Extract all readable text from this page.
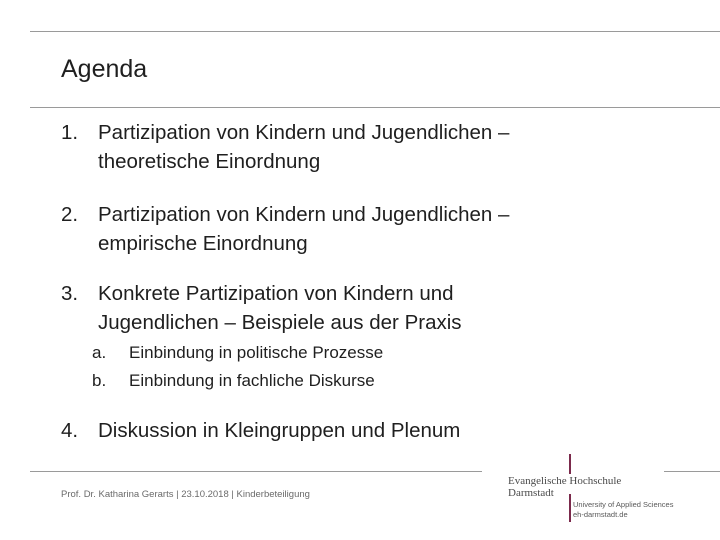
Agenda
1. Partizipation von Kindern und Jugendlichen –
theoretische Einordnung
2. Partizipation von Kindern und Jugendlichen –
empirische Einordnung
3. Konkrete Partizipation von Kindern und
Jugendlichen – Beispiele aus der Praxis
a.	Einbindung in politische Prozesse
b.	Einbindung in fachliche Diskurse
4. Diskussion in Kleingruppen und Plenum
Prof. Dr. Katharina Gerarts | 23.10.2018 | Kinderbeteiligung
Evangelische Hochschule
Darmstadt
University of Applied Sciences
eh-darmstadt.de
